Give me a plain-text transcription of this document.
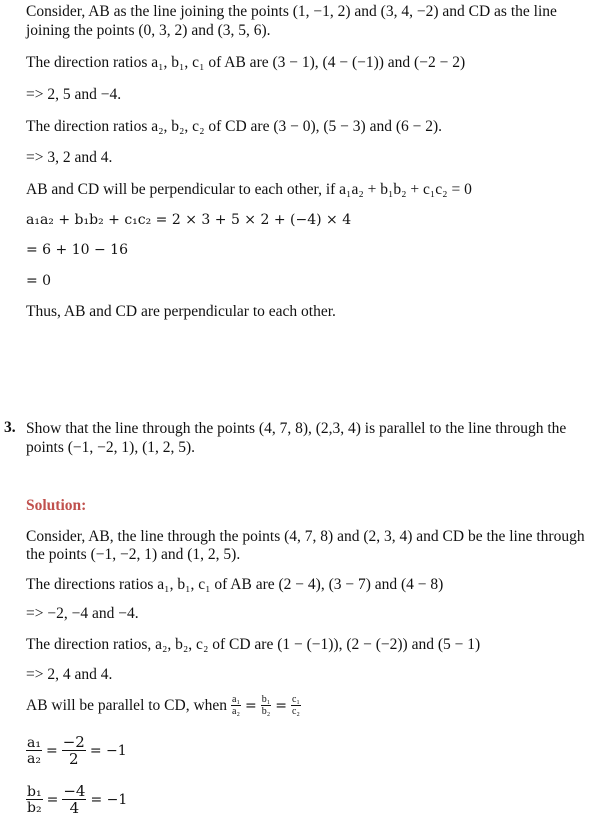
Consider, AB as the line joining the points (1, −1, 2) and (3, 4, −2) and CD as the line
joining the points (0, 3, 2) and (3, 5, 6).
The direction ratios a₁, b₁, c₁ of AB are (3 − 1), (4 − (−1)) and (−2 − 2)
=> 2, 5 and −4.
The direction ratios a₂, b₂, c₂ of CD are (3 − 0), (5 − 3) and (6 − 2).
=> 3, 2 and 4.
AB and CD will be perpendicular to each other, if a₁a₂ + b₁b₂ + c₁c₂ = 0
a₁a₂ + b₁b₂ + c₁c₂ = 2 × 3 + 5 × 2 + (−4) × 4
= 6 + 10 − 16
= 0
Thus, AB and CD are perpendicular to each other.
3. Show that the line through the points (4, 7, 8), (2,3, 4) is parallel to the line through the
points (−1, −2, 1), (1, 2, 5).
Solution:
Consider, AB, the line through the points (4, 7, 8) and (2, 3, 4) and CD be the line through
the points (−1, −2, 1) and (1, 2, 5).
The directions ratios a₁, b₁, c₁ of AB are (2 − 4), (3 − 7) and (4 − 8)
=> −2, −4 and −4.
The direction ratios, a₂, b₂, c₂ of CD are (1 − (−1)), (2 − (−2)) and (5 − 1)
=> 2, 4 and 4.
AB will be parallel to CD, when $\frac{\text{a₁}}{\text{a₂}} = \frac{\text{b₁}}{\text{b₂}} = \frac{\text{c₁}}{\text{c₂}}$
$\frac{\text{a₁}}{\text{a₂}} = \frac{-2}{2} = -1$
$\frac{\text{b₁}}{\text{b₂}} = \frac{-4}{4} = -1$
